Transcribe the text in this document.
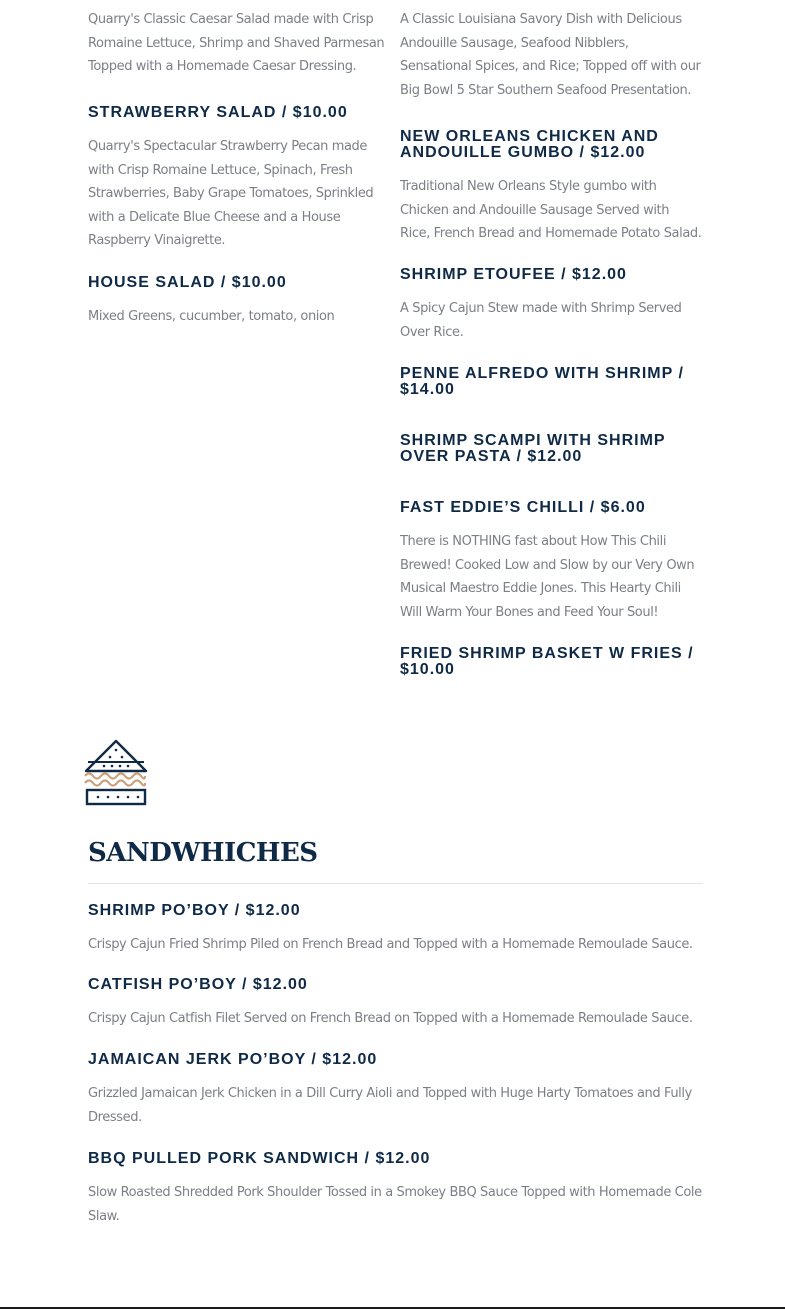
Quarry's Classic Caesar Salad made with Crisp Romaine Lettuce, Shrimp and Shaved Parmesan Topped with a Homemade Caesar Dressing.

STRAWBERRY SALAD / $10.00

Quarry's Spectacular Strawberry Pecan made with Crisp Romaine Lettuce, Spinach, Fresh Strawberries, Baby Grape Tomatoes, Sprinkled with a Delicate Blue Cheese and a House Raspberry Vinaigrette.

HOUSE SALAD / $10.00

Mixed Greens, cucumber, tomato, onion

A Classic Louisiana Savory Dish with Delicious Andouille Sausage, Seafood Nibblers, Sensational Spices, and Rice; Topped off with our Big Bowl 5 Star Southern Seafood Presentation.

NEW ORLEANS CHICKEN AND ANDOUILLE GUMBO / $12.00

Traditional New Orleans Style gumbo with Chicken and Andouille Sausage Served with Rice, French Bread and Homemade Potato Salad.

SHRIMP ETOUFEE / $12.00

A Spicy Cajun Stew made with Shrimp Served Over Rice.

PENNE ALFREDO WITH SHRIMP / $14.00
SHRIMP SCAMPI WITH SHRIMP OVER PASTA / $12.00
FAST EDDIE’S CHILLI / $6.00

There is NOTHING fast about How This Chili Brewed! Cooked Low and Slow by our Very Own Musical Maestro Eddie Jones. This Hearty Chili Will Warm Your Bones and Feed Your Soul!

FRIED SHRIMP BASKET W FRIES / $10.00
SANDWHICHES
SHRIMP PO’BOY / $12.00

Crispy Cajun Fried Shrimp Piled on French Bread and Topped with a Homemade Remoulade Sauce.

CATFISH PO’BOY / $12.00

Crispy Cajun Catfish Filet Served on French Bread on Topped with a Homemade Remoulade Sauce.

JAMAICAN JERK PO’BOY / $12.00

Grizzled Jamaican Jerk Chicken in a Dill Curry Aioli and Topped with Huge Harty Tomatoes and Fully Dressed.

BBQ PULLED PORK SANDWICH / $12.00

Slow Roasted Shredded Pork Shoulder Tossed in a Smokey BBQ Sauce Topped with Homemade Cole Slaw.
